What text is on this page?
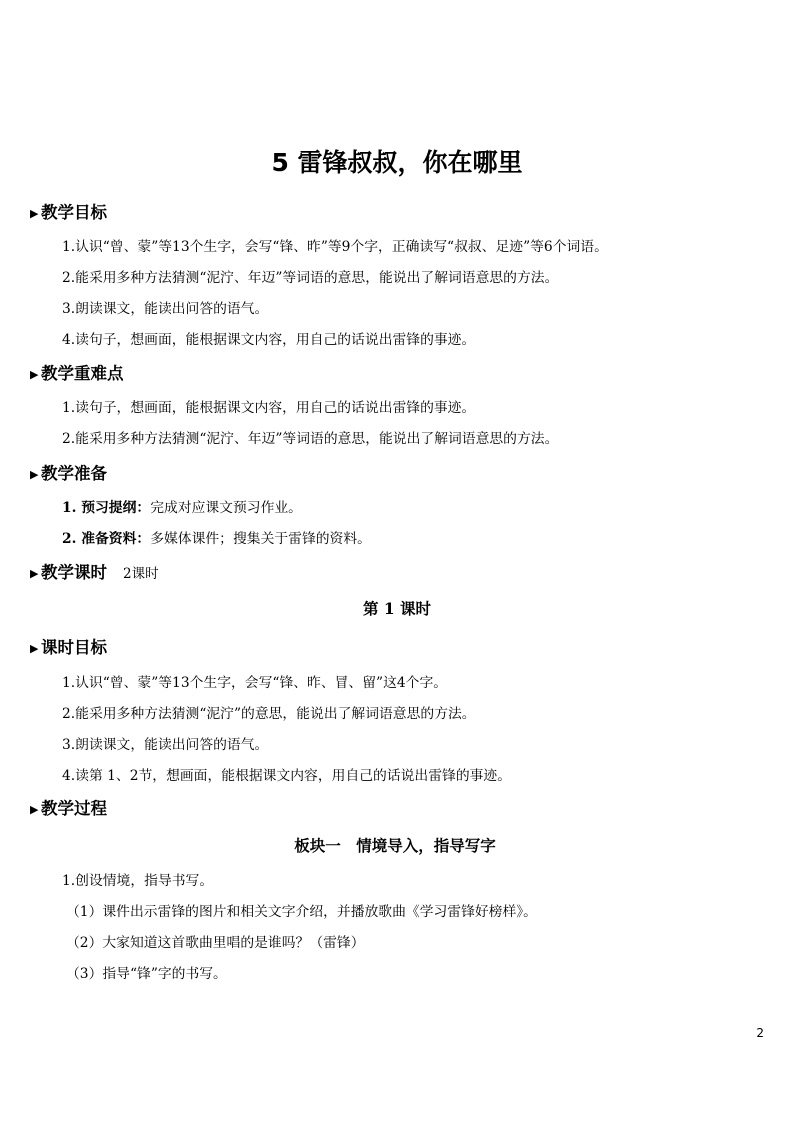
5 雷锋叔叔，你在哪里
▶ 教学目标

1.认识“曾、蒙”等13个生字，会写“锋、昨”等9个字，正确读写“叔叔、足迹”等6个词语。

2.能采用多种方法猜测“泥泞、年迈”等词语的意思，能说出了解词语意思的方法。

3.朗读课文，能读出问答的语气。

4.读句子，想画面，能根据课文内容，用自己的话说出雷锋的事迹。

▶ 教学重难点

1.读句子，想画面，能根据课文内容，用自己的话说出雷锋的事迹。

2.能采用多种方法猜测“泥泞、年迈”等词语的意思，能说出了解词语意思的方法。

▶ 教学准备

1. 预习提纲：完成对应课文预习作业。

2. 准备资料：多媒体课件；搜集关于雷锋的资料。

▶ 教学课时 2课时
第 1 课时
▶ 课时目标

1.认识“曾、蒙”等13个生字，会写“锋、昨、冒、留”这4个字。

2.能采用多种方法猜测“泥泞”的意思，能说出了解词语意思的方法。

3.朗读课文，能读出问答的语气。

4.读第 1、2节，想画面，能根据课文内容，用自己的话说出雷锋的事迹。

▶ 教学过程
板块一　情境导入，指导写字

1.创设情境，指导书写。

（1）课件出示雷锋的图片和相关文字介绍，并播放歌曲《学习雷锋好榜样》。

（2）大家知道这首歌曲里唱的是谁吗？（雷锋）

（3）指导“锋”字的书写。

2
